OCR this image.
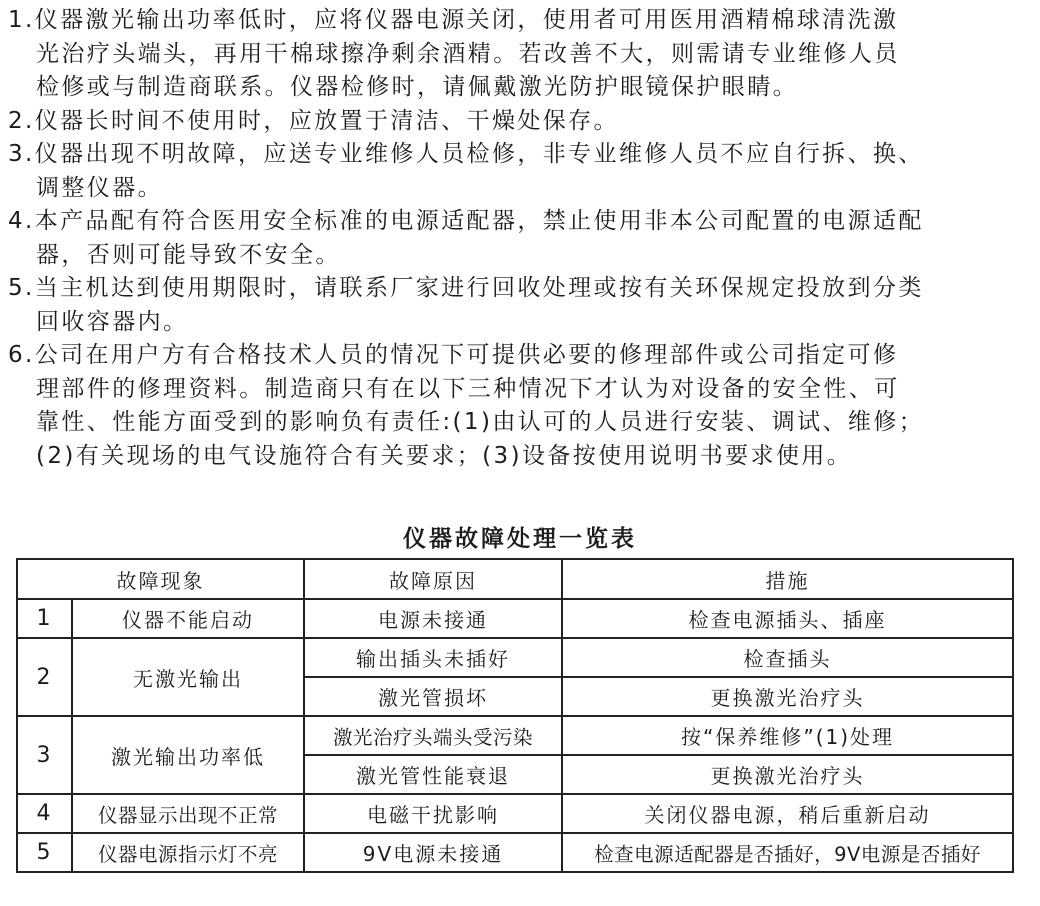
1.仪器激光输出功率低时，应将仪器电源关闭，使用者可用医用酒精棉球清洗激
光治疗头端头，再用干棉球擦净剩余酒精。若改善不大，则需请专业维修人员
检修或与制造商联系。仪器检修时，请佩戴激光防护眼镜保护眼睛。
2.仪器长时间不使用时，应放置于清洁、干燥处保存。
3.仪器出现不明故障，应送专业维修人员检修，非专业维修人员不应自行拆、换、
调整仪器。
4.本产品配有符合医用安全标准的电源适配器，禁止使用非本公司配置的电源适配
器，否则可能导致不安全。
5.当主机达到使用期限时，请联系厂家进行回收处理或按有关环保规定投放到分类
回收容器内。
6.公司在用户方有合格技术人员的情况下可提供必要的修理部件或公司指定可修
理部件的修理资料。制造商只有在以下三种情况下才认为对设备的安全性、可
靠性、性能方面受到的影响负有责任:(1)由认可的人员进行安装、调试、维修；
(2)有关现场的电气设施符合有关要求；(3)设备按使用说明书要求使用。
仪器故障处理一览表
故障现象		故障原因	措施
1	仪器不能启动	电源未接通	检查电源插头、插座
2	无激光输出	输出插头未插好	检查插头
		激光管损坏	更换激光治疗头
3	激光输出功率低	激光治疗头端头受污染	按“保养维修”(1)处理
		激光管性能衰退	更换激光治疗头
4	仪器显示出现不正常	电磁干扰影响	关闭仪器电源，稍后重新启动
5	仪器电源指示灯不亮	9V电源未接通	检查电源适配器是否插好，9V电源是否插好
